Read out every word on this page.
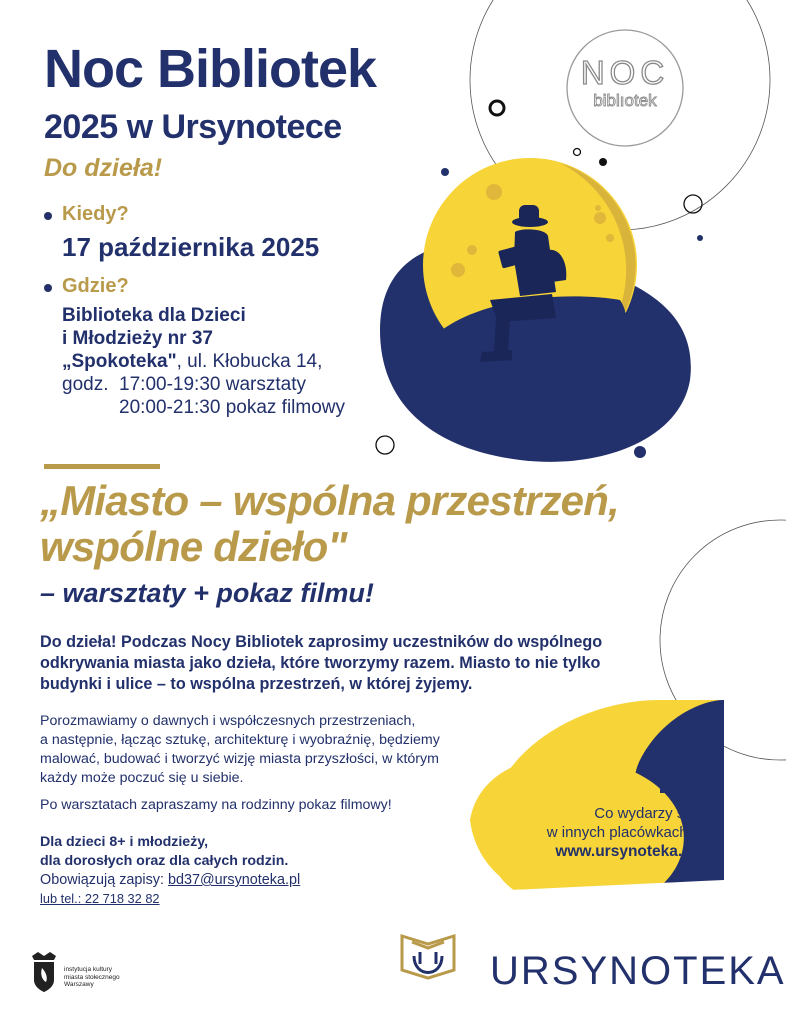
NOC
biblıotek
Noc Bibliotek
2025 w Ursynotece
Do dzieła!
Kiedy?
17 października 2025
Gdzie?
Biblioteka dla Dzieci
i Młodzieży nr 37
„Spokoteka", ul. Kłobucka 14,
godz.  17:00-19:30 warsztaty
20:00-21:30 pokaz filmowy
„Miasto – wspólna przestrzeń,
wspólne dzieło"
– warsztaty + pokaz filmu!
Do dzieła! Podczas Nocy Bibliotek zaprosimy uczestników do wspólnego
odkrywania miasta jako dzieła, które tworzymy razem. Miasto to nie tylko
budynki i ulice – to wspólna przestrzeń, w której żyjemy.
Porozmawiamy o dawnych i współczesnych przestrzeniach,
a następnie, łącząc sztukę, architekturę i wyobraźnię, będziemy
malować, budować i tworzyć wizję miasta przyszłości, w którym
każdy może poczuć się u siebie.
Po warsztatach zapraszamy na rodzinny pokaz filmowy!
Dla dzieci 8+ i młodzieży,
dla dorosłych oraz dla całych rodzin.
Obowiązują zapisy: bd37@ursynoteka.pl
lub tel.: 22 718 32 82
Co wydarzy się
w innych placówkach?
www.ursynoteka.pl
instytucja kultury
miasta stołecznego
Warszawy	URSYNOTEKA
